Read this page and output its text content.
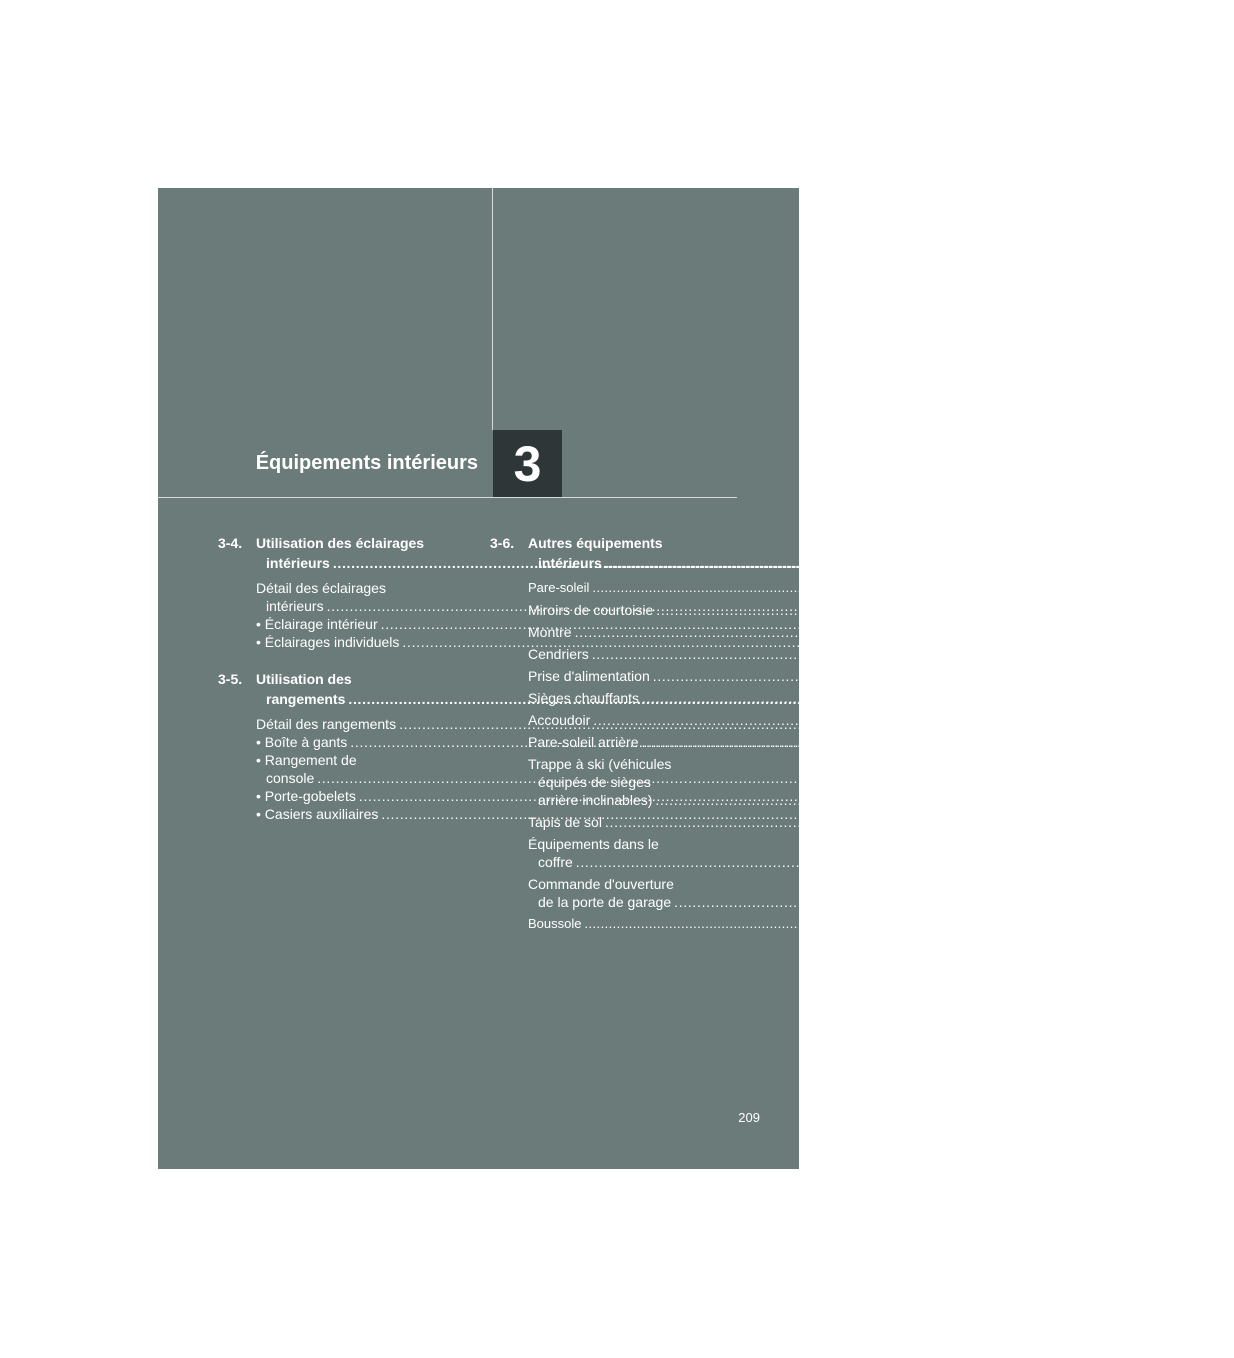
Équipements intérieurs 3
3-4. Utilisation des éclairages
intérieurs . . .	294
Détail des éclairages
intérieurs . . .	294
• Éclairage intérieur . . .	295
• Éclairages individuels . . .	296
3-5. Utilisation des
rangements . . .	297
Détail des rangements . . .	297
• Boîte à gants . . .	298
• Rangement de
console . . .	299
• Porte-gobelets . . .	300
• Casiers auxiliaires . . .	302
3-6. Autres équipements
intérieurs . . .	305
Pare-soleil . . .	305
Miroirs de courtoisie . . .	306
Montre . . .	307
Cendriers . . .	308
Prise d'alimentation . . .	309
Sièges chauffants . . .	311
Accoudoir . . .	313
Pare-soleil arrière . . .	314
Trappe à ski (véhicules
équipés de sièges
arrière inclinables) . . .	315
Tapis de sol . . .	317
Équipements dans le
coffre . . .	318
Commande d'ouverture
de la porte de garage . . .	320
Boussole . . .	327
209
